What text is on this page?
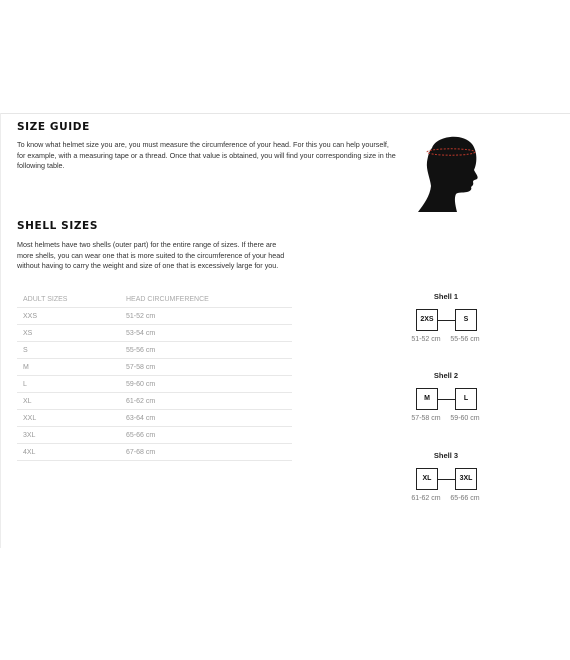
SIZE GUIDE

To know what helmet size you are, you must measure the circumference of your head. For this you can help yourself, for example, with a measuring tape or a thread. Once that value is obtained, you will find your corresponding size in the following table.

SHELL SIZES

Most helmets have two shells (outer part) for the entire range of sizes. If there are more shells, you can wear one that is more suited to the circumference of your head without having to carry the weight and size of one that is excessively large for you.

ADULT SIZES	HEAD CIRCUMFERENCE
XXS	51-52 cm
XS	53-54 cm
S	55-56 cm
M	57-58 cm
L	59-60 cm
XL	61-62 cm
XXL	63-64 cm
3XL	65-66 cm
4XL	67-68 cm
Shell 1
2XS	S
51-52 cm	55-56 cm
Shell 2
M	L
57-58 cm	59-60 cm
Shell 3
XL	3XL
61-62 cm	65-66 cm
